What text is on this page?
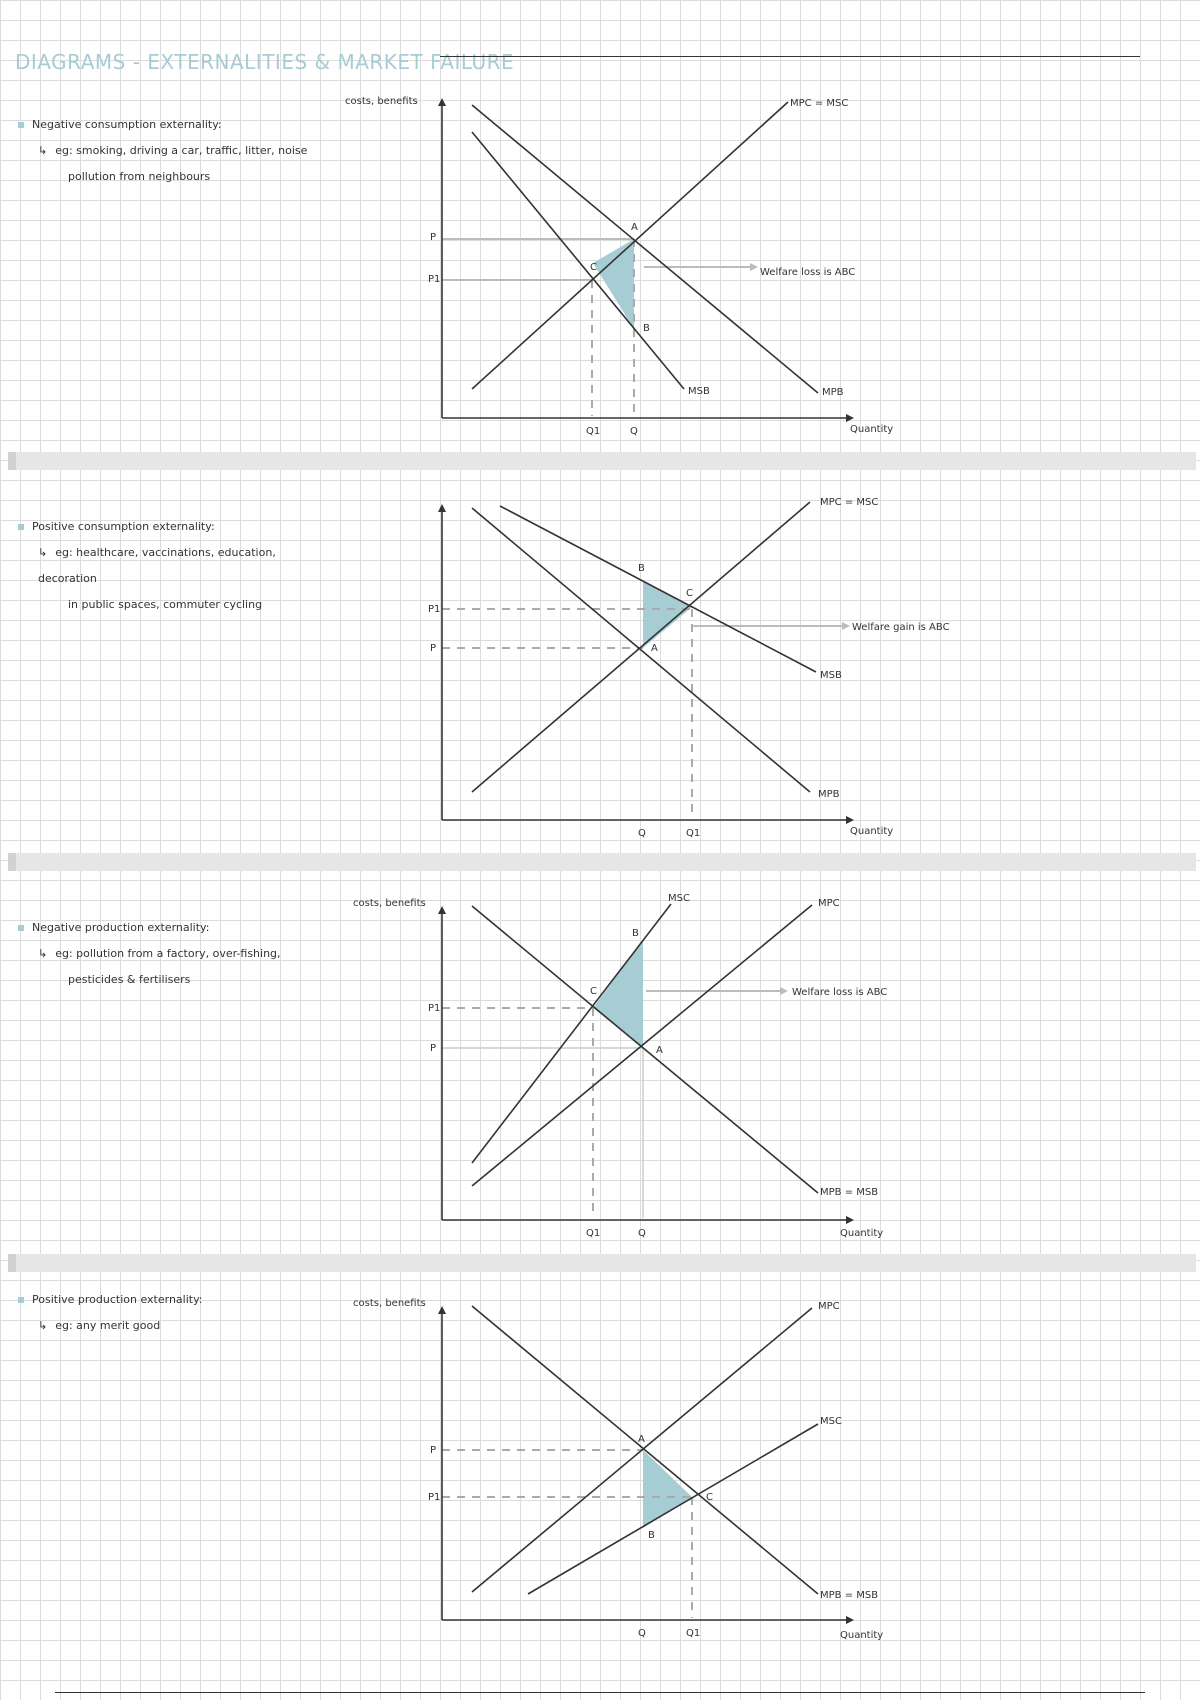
DIAGRAMS - EXTERNALITIES & MARKET FAILURE
Negative consumption externality:
↳ eg: smoking, driving a car, traffic, litter, noise
pollution from neighbours
Positive consumption externality:
↳ eg: healthcare, vaccinations, education, decoration
in public spaces, commuter cycling
Negative production externality:
↳ eg: pollution from a factory, over-fishing,
pesticides & fertilisers
Positive production externality:
↳ eg: any merit good
costs, benefits
Quantity
MPC = MSC
MPB
MSB
P
P1
Q1	Q
A
B
C	Welfare loss is ABC
Quantity
MPC = MSC
MSB
MPB
P1
P
Q	Q1
A
B
C
Welfare gain is ABC
costs, benefits
Quantity
MSC	MPC
MPB = MSB
P1
P
Q1	Q
A
B
C	Welfare loss is ABC
costs, benefits
Quantity
MPC
MSC
MPB = MSB
P
P1
Q	Q1
A
B
C
